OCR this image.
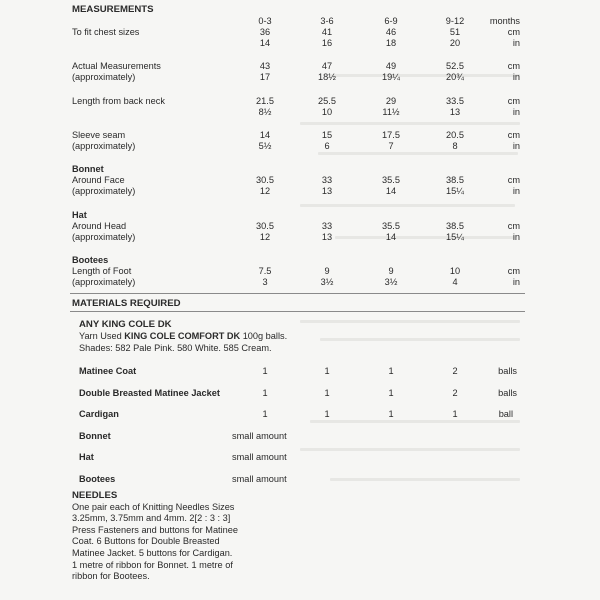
MEASUREMENTS
To fit chest sizes
0-3	3-6	6-9	9-12	months
36	41	46	51	cm
14	16	18	20	in
Actual Measurements
(approximately)
43	47	49	52.5	cm
17	18½	19¼	20¾	in
Length from back neck	21.5	25.5	29	33.5	cm
8½	10	11½	13	in
Sleeve seam
(approximately)
14	15	17.5	20.5	cm
5½	6	7	8	in
Bonnet
Around Face
(approximately)
30.5	33	35.5	38.5	cm
12	13	14	15¼	in
Hat
Around Head
(approximately)
30.5	33	35.5	38.5	cm
12	13	14	15¼	in
Bootees
Length of Foot
(approximately)
7.5	9	9	10	cm
3	3½	3½	4	in
MATERIALS REQUIRED
ANY KING COLE DK
Yarn Used KING COLE COMFORT DK 100g balls.
Shades: 582 Pale Pink. 580 White. 585 Cream.
Matinee Coat	1	1	1	2	balls
Double Breasted Matinee Jacket	1	1	1	2	balls
Cardigan	1	1	1	1	ball
Bonnet	small amount
Hat	small amount
Bootees	small amount
NEEDLES
One pair each of Knitting Needles Sizes
3.25mm, 3.75mm and 4mm. 2[2 : 3 : 3]
Press Fasteners and buttons for Matinee
Coat. 6 Buttons for Double Breasted
Matinee Jacket. 5 buttons for Cardigan.
1 metre of ribbon for Bonnet. 1 metre of
ribbon for Bootees.
